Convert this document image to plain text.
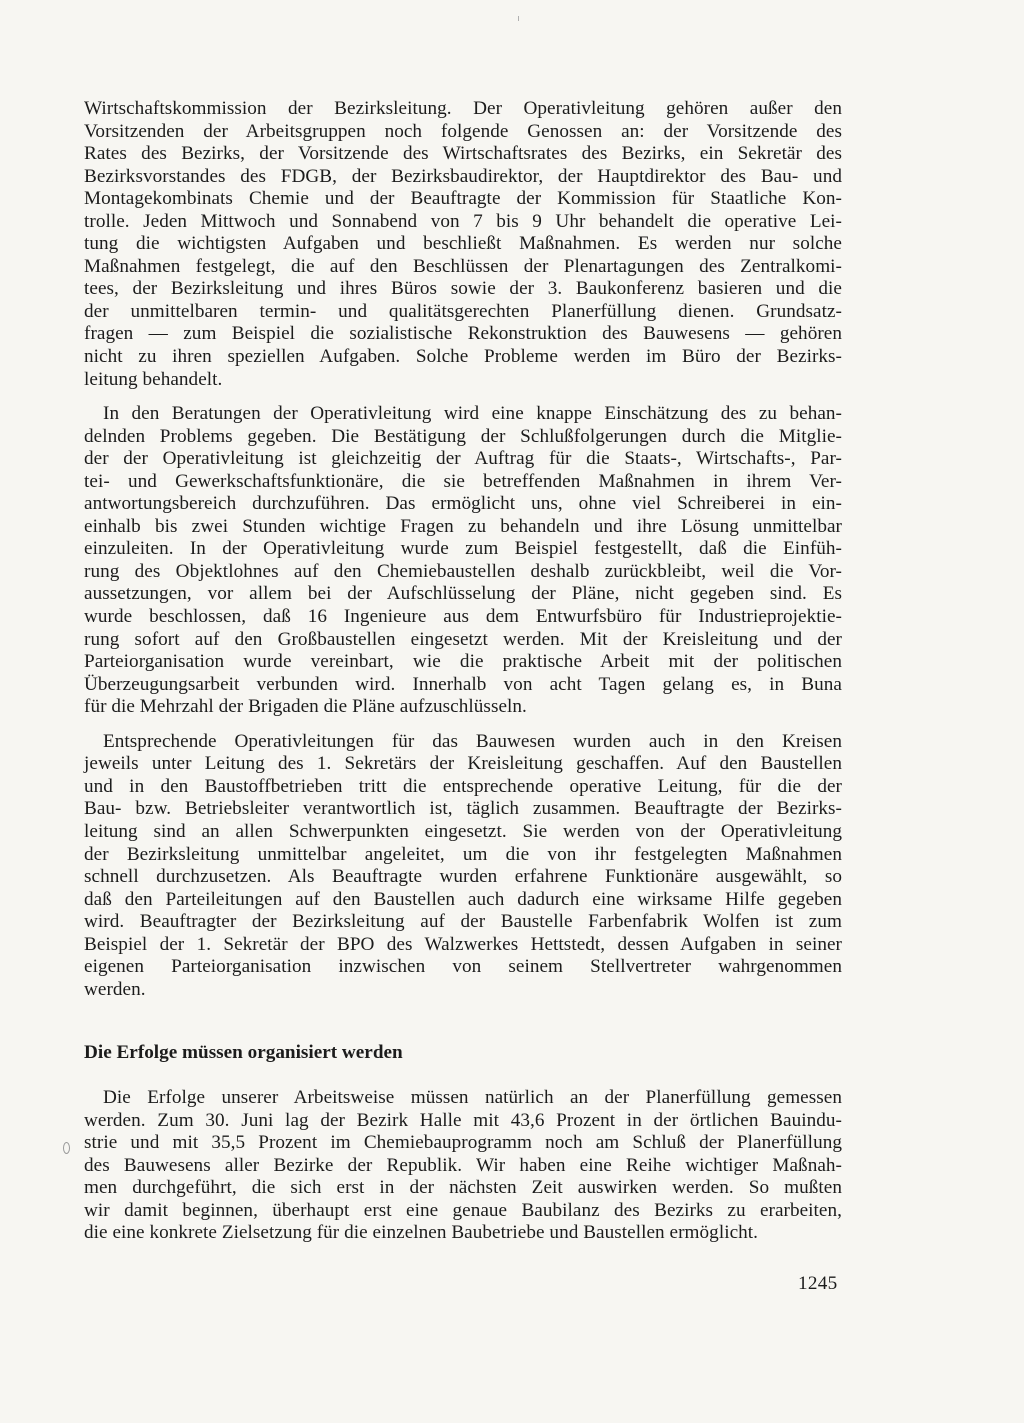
Wirtschaftskommission der Bezirksleitung. Der Operativleitung gehören außer den
Vorsitzenden der Arbeitsgruppen noch folgende Genossen an: der Vorsitzende des
Rates des Bezirks, der Vorsitzende des Wirtschaftsrates des Bezirks, ein Sekretär des
Bezirksvorstandes des FDGB, der Bezirksbaudirektor, der Hauptdirektor des Bau- und
Montagekombinats Chemie und der Beauftragte der Kommission für Staatliche Kon-
trolle. Jeden Mittwoch und Sonnabend von 7 bis 9 Uhr behandelt die operative Lei-
tung die wichtigsten Aufgaben und beschließt Maßnahmen. Es werden nur solche
Maßnahmen festgelegt, die auf den Beschlüssen der Plenartagungen des Zentralkomi-
tees, der Bezirksleitung und ihres Büros sowie der 3. Baukonferenz basieren und die
der unmittelbaren termin- und qualitätsgerechten Planerfüllung dienen. Grundsatz-
fragen — zum Beispiel die sozialistische Rekonstruktion des Bauwesens — gehören
nicht zu ihren speziellen Aufgaben. Solche Probleme werden im Büro der Bezirks-
leitung behandelt.
In den Beratungen der Operativleitung wird eine knappe Einschätzung des zu behan-
delnden Problems gegeben. Die Bestätigung der Schlußfolgerungen durch die Mitglie-
der der Operativleitung ist gleichzeitig der Auftrag für die Staats-, Wirtschafts-, Par-
tei- und Gewerkschaftsfunktionäre, die sie betreffenden Maßnahmen in ihrem Ver-
antwortungsbereich durchzuführen. Das ermöglicht uns, ohne viel Schreiberei in ein-
einhalb bis zwei Stunden wichtige Fragen zu behandeln und ihre Lösung unmittelbar
einzuleiten. In der Operativleitung wurde zum Beispiel festgestellt, daß die Einfüh-
rung des Objektlohnes auf den Chemiebaustellen deshalb zurückbleibt, weil die Vor-
aussetzungen, vor allem bei der Aufschlüsselung der Pläne, nicht gegeben sind. Es
wurde beschlossen, daß 16 Ingenieure aus dem Entwurfsbüro für Industrieprojektie-
rung sofort auf den Großbaustellen eingesetzt werden. Mit der Kreisleitung und der
Parteiorganisation wurde vereinbart, wie die praktische Arbeit mit der politischen
Überzeugungsarbeit verbunden wird. Innerhalb von acht Tagen gelang es, in Buna
für die Mehrzahl der Brigaden die Pläne aufzuschlüsseln.
Entsprechende Operativleitungen für das Bauwesen wurden auch in den Kreisen
jeweils unter Leitung des 1. Sekretärs der Kreisleitung geschaffen. Auf den Baustellen
und in den Baustoffbetrieben tritt die entsprechende operative Leitung, für die der
Bau- bzw. Betriebsleiter verantwortlich ist, täglich zusammen. Beauftragte der Bezirks-
leitung sind an allen Schwerpunkten eingesetzt. Sie werden von der Operativleitung
der Bezirksleitung unmittelbar angeleitet, um die von ihr festgelegten Maßnahmen
schnell durchzusetzen. Als Beauftragte wurden erfahrene Funktionäre ausgewählt, so
daß den Parteileitungen auf den Baustellen auch dadurch eine wirksame Hilfe gegeben
wird. Beauftragter der Bezirksleitung auf der Baustelle Farbenfabrik Wolfen ist zum
Beispiel der 1. Sekretär der BPO des Walzwerkes Hettstedt, dessen Aufgaben in seiner
eigenen Parteiorganisation inzwischen von seinem Stellvertreter wahrgenommen
werden.
Die Erfolge müssen organisiert werden
Die Erfolge unserer Arbeitsweise müssen natürlich an der Planerfüllung gemessen
werden. Zum 30. Juni lag der Bezirk Halle mit 43,6 Prozent in der örtlichen Bauindu-
strie und mit 35,5 Prozent im Chemiebauprogramm noch am Schluß der Planerfüllung
des Bauwesens aller Bezirke der Republik. Wir haben eine Reihe wichtiger Maßnah-
men durchgeführt, die sich erst in der nächsten Zeit auswirken werden. So mußten
wir damit beginnen, überhaupt erst eine genaue Baubilanz des Bezirks zu erarbeiten,
die eine konkrete Zielsetzung für die einzelnen Baubetriebe und Baustellen ermöglicht.
1245
